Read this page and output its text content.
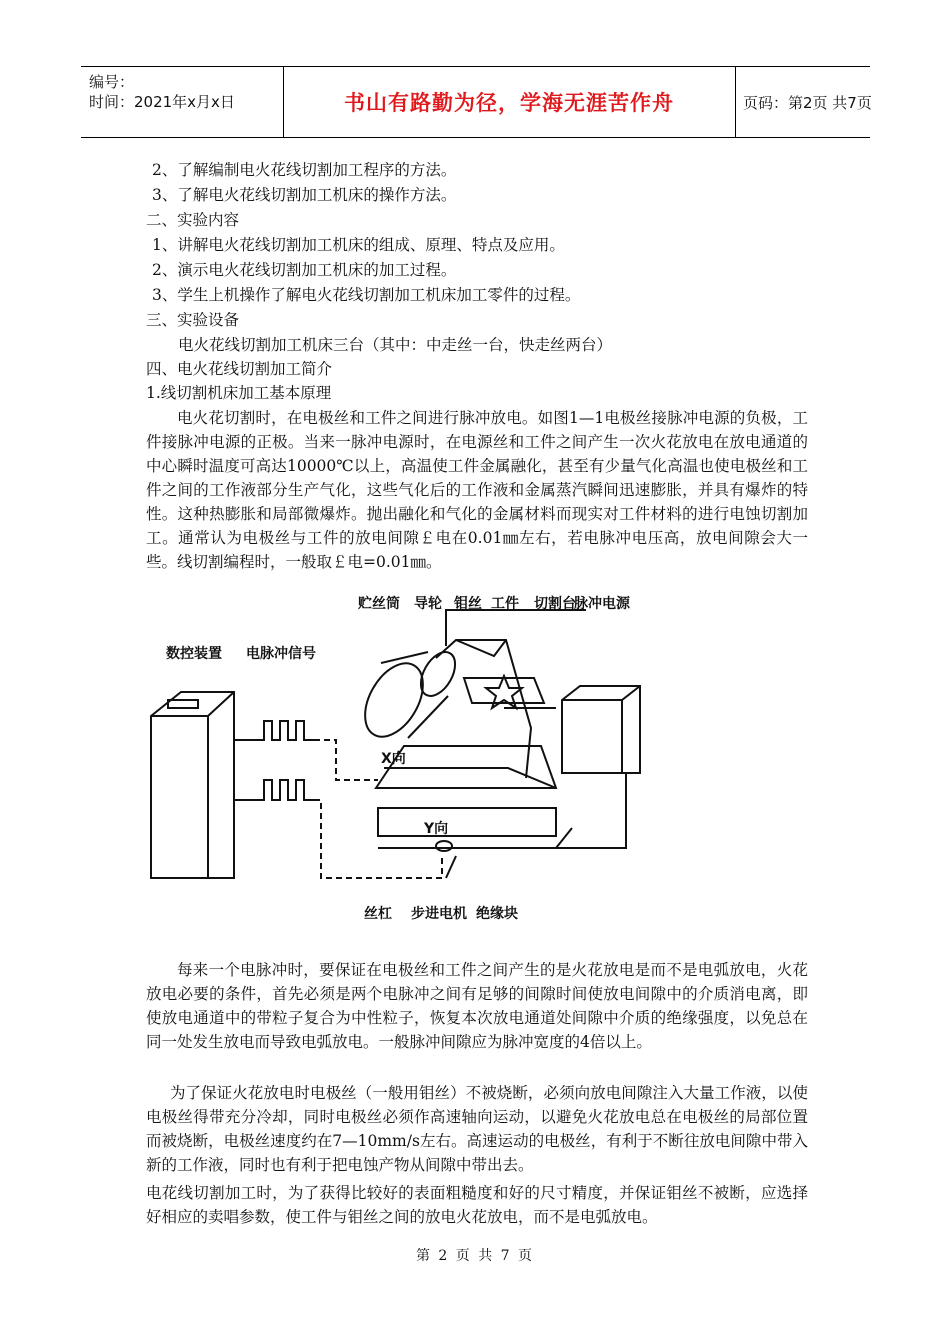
编号：
时间：2021年x月x日	书山有路勤为径，学海无涯苦作舟	页码：第2页 共7页
2、了解编制电火花线切割加工程序的方法。
3、了解电火花线切割加工机床的操作方法。
二、实验内容
1、讲解电火花线切割加工机床的组成、原理、特点及应用。
2、演示电火花线切割加工机床的加工过程。
3、学生上机操作了解电火花线切割加工机床加工零件的过程。
三、实验设备
电火花线切割加工机床三台（其中：中走丝一台，快走丝两台）
四、电火花线切割加工简介
1.线切割机床加工基本原理
电火花切割时，在电极丝和工件之间进行脉冲放电。如图1—1电极丝接脉冲电源的负极，工件接脉冲电源的正极。当来一脉冲电源时，在电源丝和工件之间产生一次火花放电在放电通道的中心瞬时温度可高达10000℃以上，高温使工件金属融化，甚至有少量气化高温也使电极丝和工件之间的工作液部分生产气化，这些气化后的工作液和金属蒸汽瞬间迅速膨胀，并具有爆炸的特性。这种热膨胀和局部微爆炸。抛出融化和气化的金属材料而现实对工件材料的进行电蚀切割加工。通常认为电极丝与工件的放电间隙￡电在0.01㎜左右，若电脉冲电压高，放电间隙会大一些。线切割编程时，一般取￡电=0.01㎜。
贮丝筒 导轮 钼丝 工件 切割台
脉冲电源
数控装置 电脉冲信号
X向
Y向
丝杠 步进电机 绝缘块
每来一个电脉冲时，要保证在电极丝和工件之间产生的是火花放电是而不是电弧放电，火花放电必要的条件，首先必须是两个电脉冲之间有足够的间隙时间使放电间隙中的介质消电离，即使放电通道中的带粒子复合为中性粒子，恢复本次放电通道处间隙中介质的绝缘强度，以免总在同一处发生放电而导致电弧放电。一般脉冲间隙应为脉冲宽度的4倍以上。
为了保证火花放电时电极丝（一般用钼丝）不被烧断，必须向放电间隙注入大量工作液，以使电极丝得带充分冷却，同时电极丝必须作高速轴向运动，以避免火花放电总在电极丝的局部位置而被烧断，电极丝速度约在7—10mm/s左右。高速运动的电极丝，有利于不断往放电间隙中带入新的工作液，同时也有利于把电蚀产物从间隙中带出去。
电花线切割加工时，为了获得比较好的表面粗糙度和好的尺寸精度，并保证钼丝不被断，应选择好相应的卖唱参数，使工件与钼丝之间的放电火花放电，而不是电弧放电。
第 2 页 共 7 页
